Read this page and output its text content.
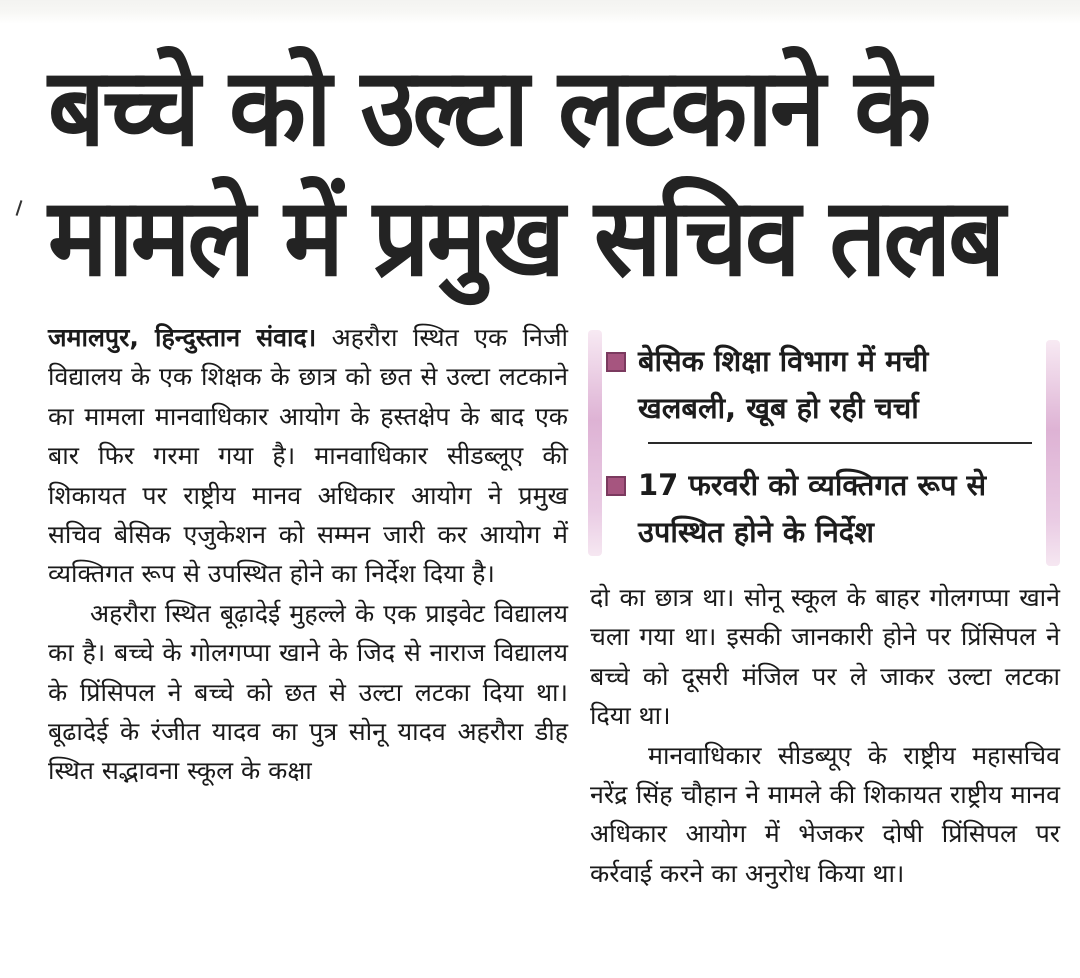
बच्चे को उल्टा लटकाने के
मामले में प्रमुख सचिव तलब

जमालपुर, हिन्दुस्तान संवाद। अहरौरा स्थित एक निजी विद्यालय के एक शिक्षक के छात्र को छत से उल्टा लटकाने का मामला मानवाधिकार आयोग के हस्तक्षेप के बाद एक बार फिर गरमा गया है। मानवाधिकार सीडब्लूए की शिकायत पर राष्ट्रीय मानव अधिकार आयोग ने प्रमुख सचिव बेसिक एजुकेशन को सम्मन जारी कर आयोग में व्यक्तिगत रूप से उपस्थित होने का निर्देश दिया है।

अहरौरा स्थित बूढ़ादेई मुहल्ले के एक प्राइवेट विद्यालय का है। बच्चे के गोलगप्पा खाने के जिद से नाराज विद्यालय के प्रिंसिपल ने बच्चे को छत से उल्टा लटका दिया था। बूढादेई के रंजीत यादव का पुत्र सोनू यादव अहरौरा डीह स्थित सद्भावना स्कूल के कक्षा

बेसिक शिक्षा विभाग में मची खलबली, खूब हो रही चर्चा
17 फरवरी को व्यक्तिगत रूप से उपस्थित होने के निर्देश

दो का छात्र था। सोनू स्कूल के बाहर गोलगप्पा खाने चला गया था। इसकी जानकारी होने पर प्रिंसिपल ने बच्चे को दूसरी मंजिल पर ले जाकर उल्टा लटका दिया था।

मानवाधिकार सीडब्यूए के राष्ट्रीय महासचिव नरेंद्र सिंह चौहान ने मामले की शिकायत राष्ट्रीय मानव अधिकार आयोग में भेजकर दोषी प्रिंसिपल पर कर्रवाई करने का अनुरोध किया था।
